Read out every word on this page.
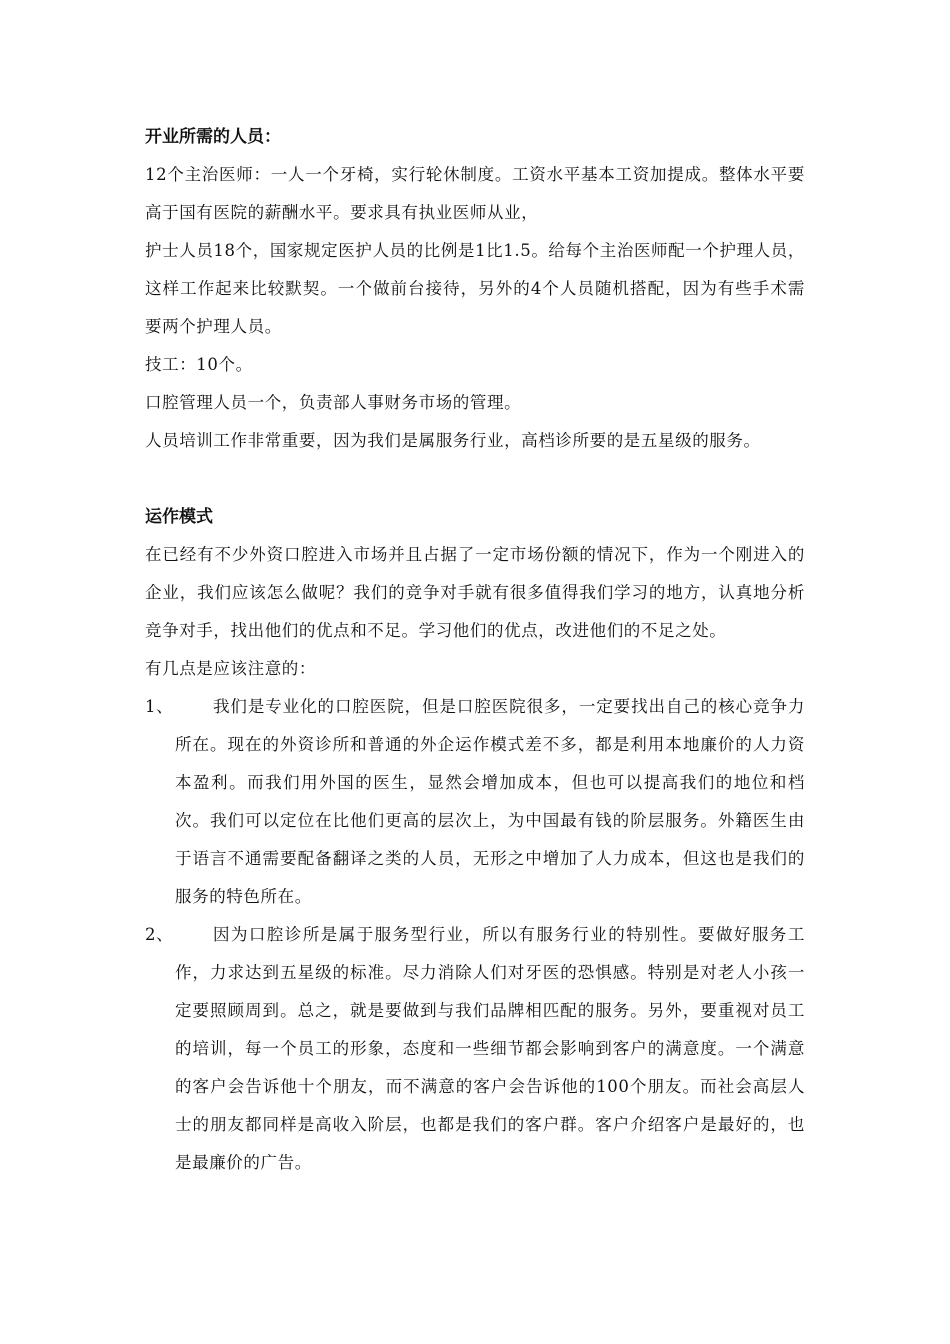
开业所需的人员：

12个主治医师：一人一个牙椅，实行轮休制度。工资水平基本工资加提成。整体水平要高于国有医院的薪酬水平。要求具有执业医师从业，

护士人员18个，国家规定医护人员的比例是1比1.5。给每个主治医师配一个护理人员，这样工作起来比较默契。一个做前台接待，另外的4个人员随机搭配，因为有些手术需要两个护理人员。

技工：10个。

口腔管理人员一个，负责部人事财务市场的管理。

人员培训工作非常重要，因为我们是属服务行业，高档诊所要的是五星级的服务。

运作模式

在已经有不少外资口腔进入市场并且占据了一定市场份额的情况下，作为一个刚进入的企业，我们应该怎么做呢？我们的竞争对手就有很多值得我们学习的地方，认真地分析竞争对手，找出他们的优点和不足。学习他们的优点，改进他们的不足之处。

有几点是应该注意的：

1、	我们是专业化的口腔医院，但是口腔医院很多，一定要找出自己的核心竞争力所在。现在的外资诊所和普通的外企运作模式差不多，都是利用本地廉价的人力资本盈利。而我们用外国的医生，显然会增加成本，但也可以提高我们的地位和档次。我们可以定位在比他们更高的层次上，为中国最有钱的阶层服务。外籍医生由于语言不通需要配备翻译之类的人员，无形之中增加了人力成本，但这也是我们的服务的特色所在。
2、	因为口腔诊所是属于服务型行业，所以有服务行业的特别性。要做好服务工作，力求达到五星级的标准。尽力消除人们对牙医的恐惧感。特别是对老人小孩一定要照顾周到。总之，就是要做到与我们品牌相匹配的服务。另外，要重视对员工的培训，每一个员工的形象，态度和一些细节都会影响到客户的满意度。一个满意的客户会告诉他十个朋友，而不满意的客户会告诉他的100个朋友。而社会高层人士的朋友都同样是高收入阶层，也都是我们的客户群。客户介绍客户是最好的，也是最廉价的广告。
